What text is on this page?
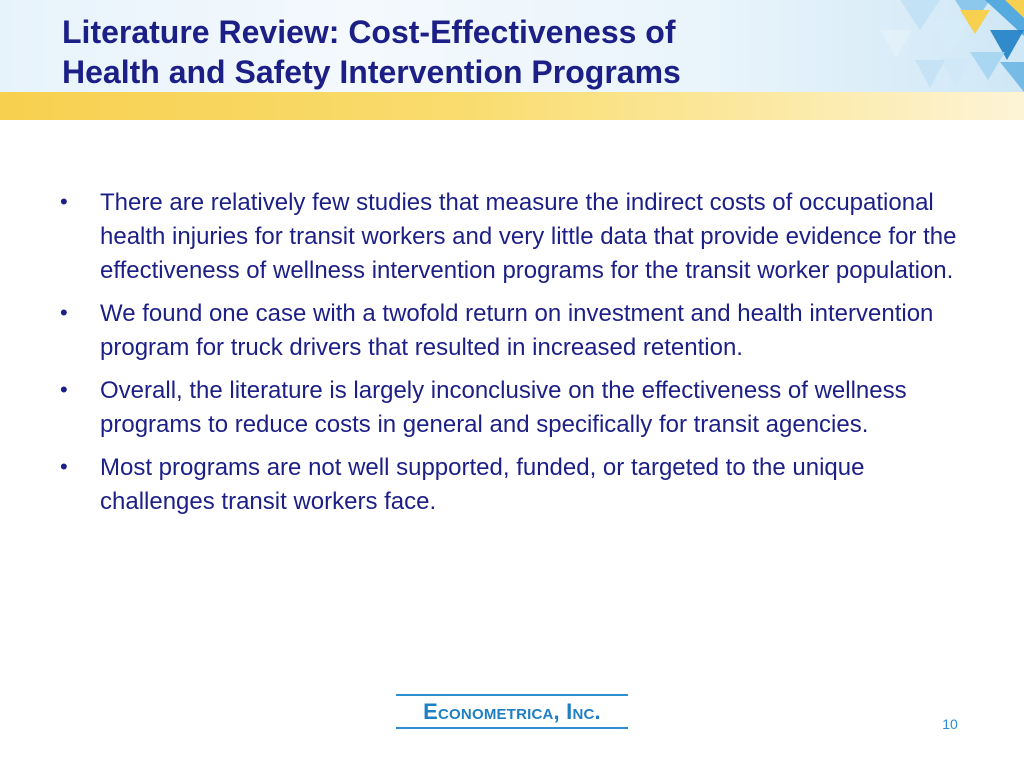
Literature Review: Cost-Effectiveness of
Health and Safety Intervention Programs
• There are relatively few studies that measure the indirect costs of occupational health injuries for transit workers and very little data that provide evidence for the effectiveness of wellness intervention programs for the transit worker population.
• We found one case with a twofold return on investment and health intervention program for truck drivers that resulted in increased retention.
• Overall, the literature is largely inconclusive on the effectiveness of wellness programs to reduce costs in general and specifically for transit agencies.
• Most programs are not well supported, funded, or targeted to the unique challenges transit workers face.
Econometrica, Inc.	10
